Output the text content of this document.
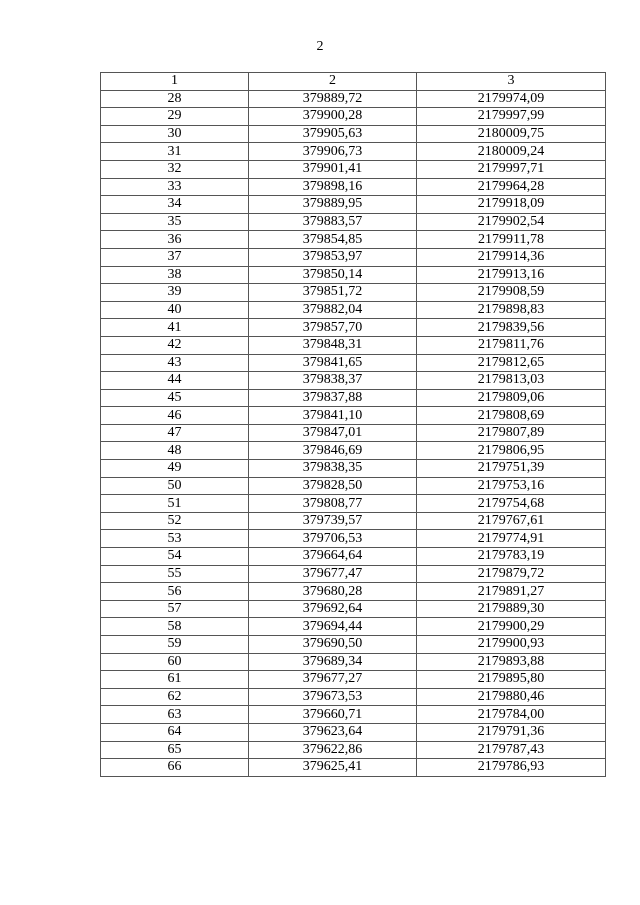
2
1	2	3
28	379889,72	2179974,09
29	379900,28	2179997,99
30	379905,63	2180009,75
31	379906,73	2180009,24
32	379901,41	2179997,71
33	379898,16	2179964,28
34	379889,95	2179918,09
35	379883,57	2179902,54
36	379854,85	2179911,78
37	379853,97	2179914,36
38	379850,14	2179913,16
39	379851,72	2179908,59
40	379882,04	2179898,83
41	379857,70	2179839,56
42	379848,31	2179811,76
43	379841,65	2179812,65
44	379838,37	2179813,03
45	379837,88	2179809,06
46	379841,10	2179808,69
47	379847,01	2179807,89
48	379846,69	2179806,95
49	379838,35	2179751,39
50	379828,50	2179753,16
51	379808,77	2179754,68
52	379739,57	2179767,61
53	379706,53	2179774,91
54	379664,64	2179783,19
55	379677,47	2179879,72
56	379680,28	2179891,27
57	379692,64	2179889,30
58	379694,44	2179900,29
59	379690,50	2179900,93
60	379689,34	2179893,88
61	379677,27	2179895,80
62	379673,53	2179880,46
63	379660,71	2179784,00
64	379623,64	2179791,36
65	379622,86	2179787,43
66	379625,41	2179786,93
